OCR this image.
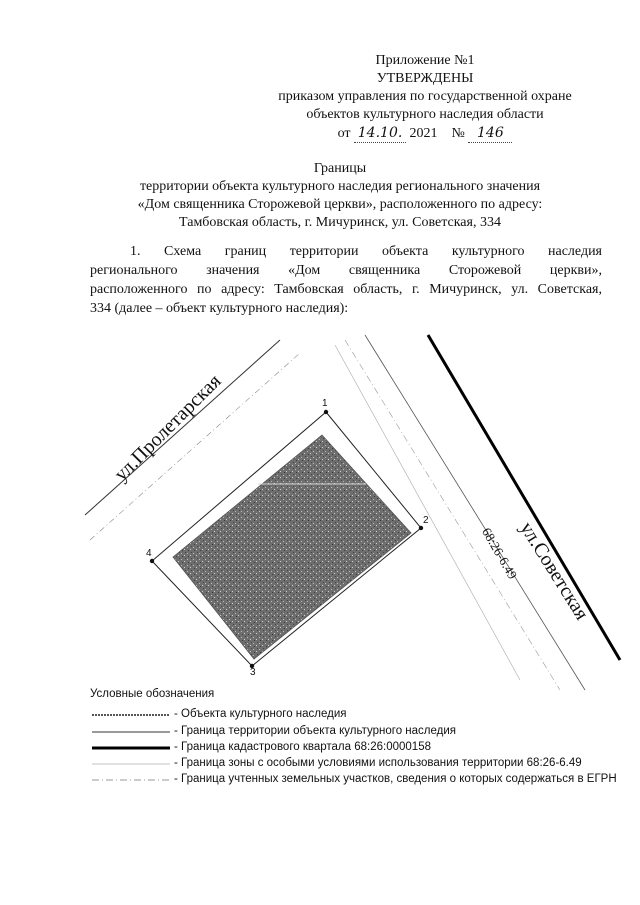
Приложение №1
УТВЕРЖДЕНЫ
приказом управления по государственной охране
объектов культурного наследия области
от 14.10. 2021 № 146
Границы
территории объекта культурного наследия регионального значения
«Дом священника Сторожевой церкви», расположенного по адресу:
Тамбовская область, г. Мичуринск, ул. Советская, 334
1. Схема границ территории объекта культурного наследия
регионального значения «Дом священника Сторожевой церкви»,
расположенного по адресу: Тамбовская область, г. Мичуринск, ул. Советская,
334 (далее – объект культурного наследия):
1
2
3
4
ул.Пролетарская
ул.Советская
68:26-6.49
Условные обозначения
- Объекта культурного наследия
- Граница территории объекта культурного наследия
- Граница кадастрового квартала 68:26:0000158
- Граница зоны с особыми условиями использования территории 68:26-6.49
- Граница учтенных земельных участков, сведения о которых содержаться в ЕГРН
